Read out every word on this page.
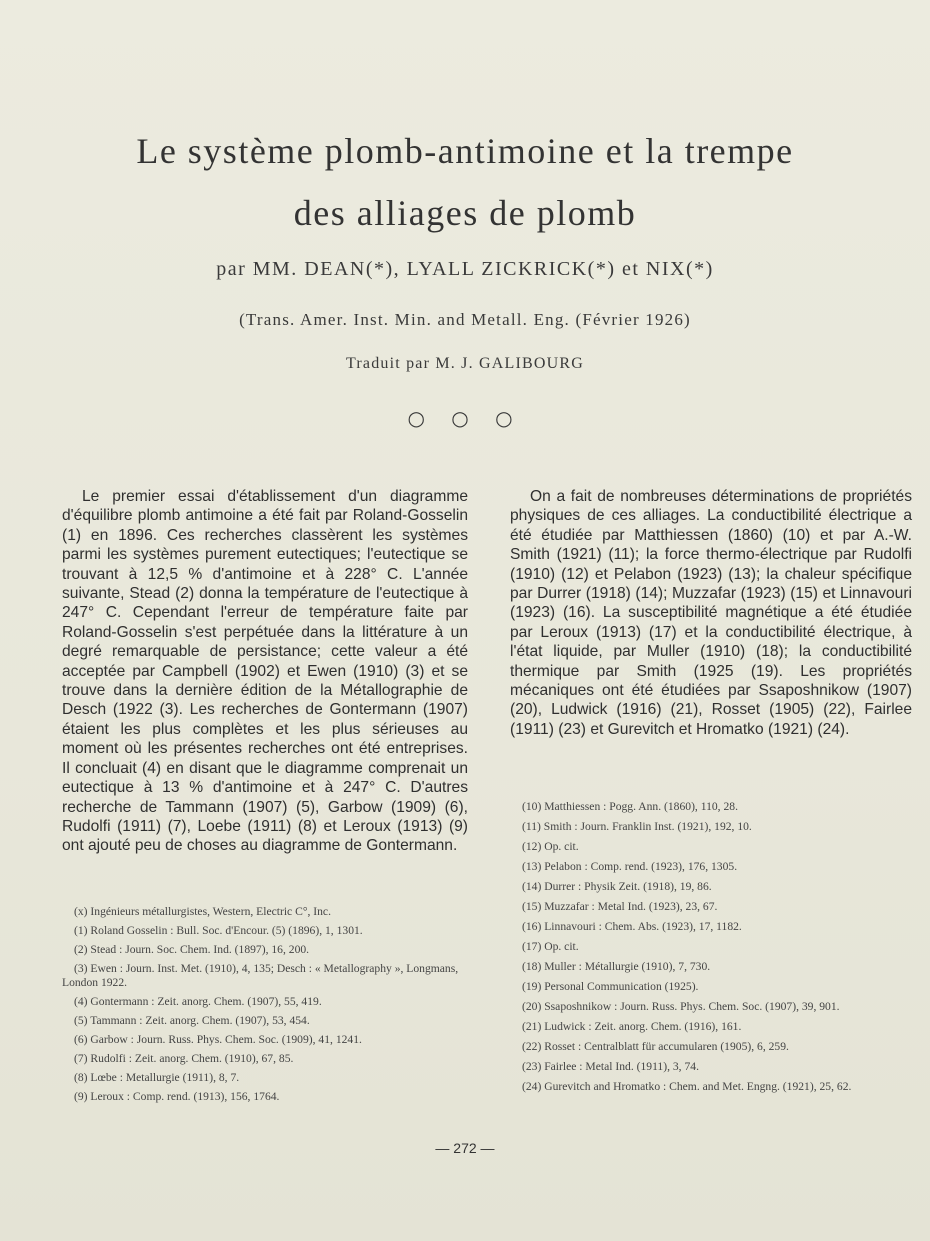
Le système plomb-antimoine et la trempe
des alliages de plomb
par MM. DEAN(*), LYALL ZICKRICK(*) et NIX(*)
(Trans. Amer. Inst. Min. and Metall. Eng. (Février 1926)
Traduit par M. J. GALIBOURG
○ ○ ○
Le premier essai d'établissement d'un diagramme d'équilibre plomb antimoine a été fait par Roland-Gosselin (1) en 1896. Ces recherches classèrent les systèmes parmi les systèmes purement eutectiques; l'eutectique se trouvant à 12,5 % d'antimoine et à 228° C. L'année suivante, Stead (2) donna la température de l'eutectique à 247° C. Cependant l'erreur de température faite par Roland-Gosselin s'est perpétuée dans la littérature à un degré remarquable de persistance; cette valeur a été acceptée par Campbell (1902) et Ewen (1910) (3) et se trouve dans la dernière édition de la Métallographie de Desch (1922 (3). Les recherches de Gontermann (1907) étaient les plus complètes et les plus sérieuses au moment où les présentes recherches ont été entreprises. Il concluait (4) en disant que le diagramme comprenait un eutectique à 13 % d'antimoine et à 247° C. D'autres recherche de Tammann (1907) (5), Garbow (1909) (6), Rudolfi (1911) (7), Loebe (1911) (8) et Leroux (1913) (9) ont ajouté peu de choses au diagramme de Gontermann.
On a fait de nombreuses déterminations de propriétés physiques de ces alliages. La conductibilité électrique a été étudiée par Matthiessen (1860) (10) et par A.-W. Smith (1921) (11); la force thermo-électrique par Rudolfi (1910) (12) et Pelabon (1923) (13); la chaleur spécifique par Durrer (1918) (14); Muzzafar (1923) (15) et Linnavouri (1923) (16). La susceptibilité magnétique a été étudiée par Leroux (1913) (17) et la conductibilité électrique, à l'état liquide, par Muller (1910) (18); la conductibilité thermique par Smith (1925 (19). Les propriétés mécaniques ont été étudiées par Ssaposhnikow (1907) (20), Ludwick (1916) (21), Rosset (1905) (22), Fairlee (1911) (23) et Gurevitch et Hromatko (1921) (24).
(x) Ingénieurs métallurgistes, Western, Electric C°, Inc.
(1) Roland Gosselin : Bull. Soc. d'Encour. (5) (1896), 1, 1301.
(2) Stead : Journ. Soc. Chem. Ind. (1897), 16, 200.
(3) Ewen : Journ. Inst. Met. (1910), 4, 135; Desch : « Metallography », Longmans, London 1922.
(4) Gontermann : Zeit. anorg. Chem. (1907), 55, 419.
(5) Tammann : Zeit. anorg. Chem. (1907), 53, 454.
(6) Garbow : Journ. Russ. Phys. Chem. Soc. (1909), 41, 1241.
(7) Rudolfi : Zeit. anorg. Chem. (1910), 67, 85.
(8) Lœbe : Metallurgie (1911), 8, 7.
(9) Leroux : Comp. rend. (1913), 156, 1764.
(10) Matthiessen : Pogg. Ann. (1860), 110, 28.
(11) Smith : Journ. Franklin Inst. (1921), 192, 10.
(12) Op. cit.
(13) Pelabon : Comp. rend. (1923), 176, 1305.
(14) Durrer : Physik Zeit. (1918), 19, 86.
(15) Muzzafar : Metal Ind. (1923), 23, 67.
(16) Linnavouri : Chem. Abs. (1923), 17, 1182.
(17) Op. cit.
(18) Muller : Métallurgie (1910), 7, 730.
(19) Personal Communication (1925).
(20) Ssaposhnikow : Journ. Russ. Phys. Chem. Soc. (1907), 39, 901.
(21) Ludwick : Zeit. anorg. Chem. (1916), 161.
(22) Rosset : Centralblatt für accumularen (1905), 6, 259.
(23) Fairlee : Metal Ind. (1911), 3, 74.
(24) Gurevitch and Hromatko : Chem. and Met. Engng. (1921), 25, 62.
— 272 —
